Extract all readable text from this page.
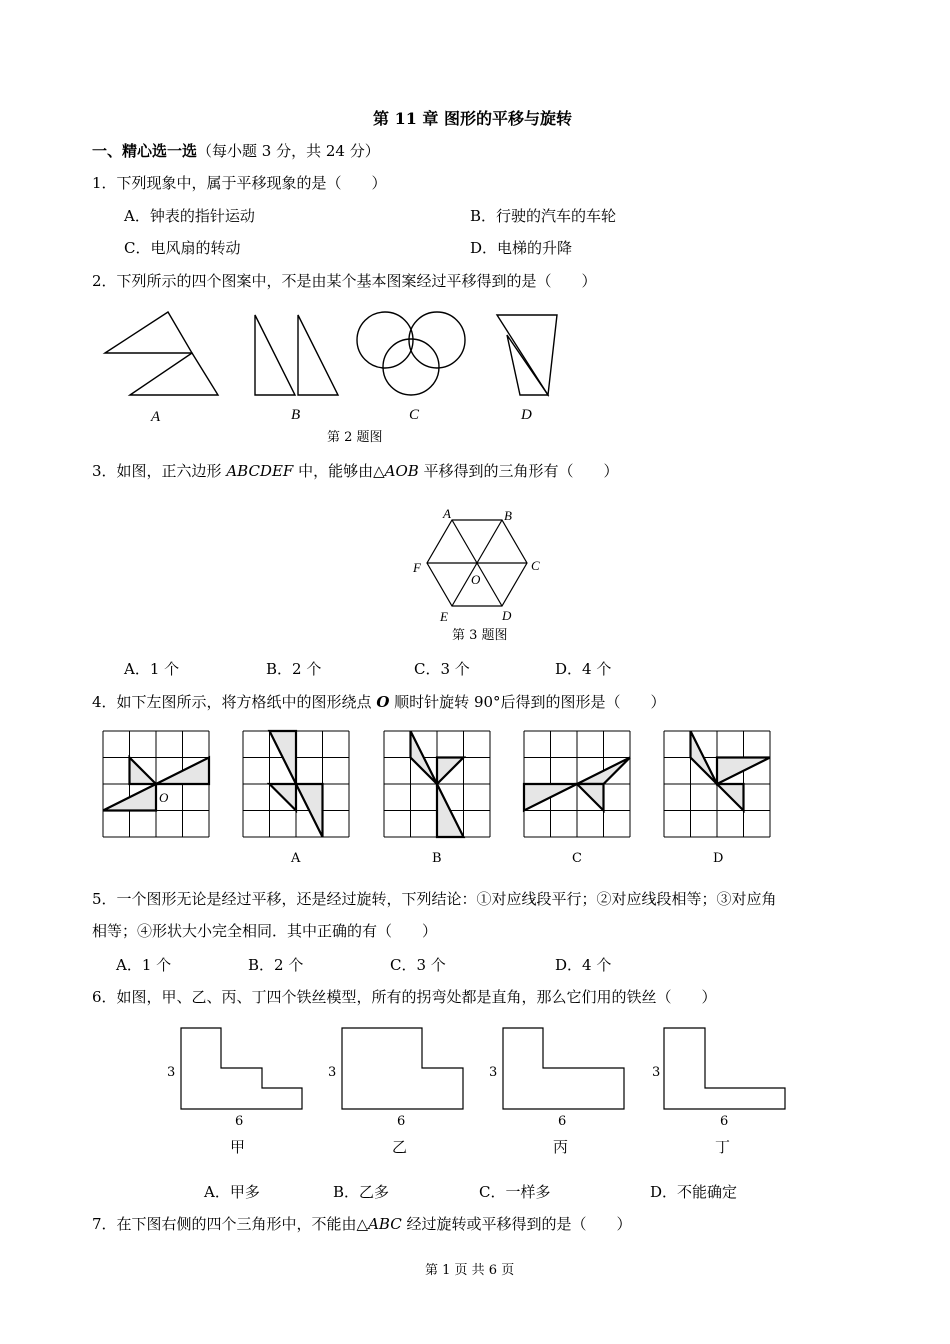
第 11 章 图形的平移与旋转
一、精心选一选（每小题 3 分，共 24 分）
1．下列现象中，属于平移现象的是（　　）
A．钟表的指针运动	B．行驶的汽车的车轮
C．电风扇的转动	D．电梯的升降
2．下列所示的四个图案中，不是由某个基本图案经过平移得到的是（　　）
A	B	C	D
第 2 题图
3．如图，正六边形 ABCDEF 中，能够由△AOB 平移得到的三角形有（　　）
A	B
C
D
E
F
O
第 3 题图
A．1 个	B．2 个	C．3 个	D．4 个
4．如下左图所示，将方格纸中的图形绕点 O 顺时针旋转 90°后得到的图形是（　　）
O
A	B	C	D
5．一个图形无论是经过平移，还是经过旋转，下列结论：①对应线段平行；②对应线段相等；③对应角
相等；④形状大小完全相同．其中正确的有（　　）
A．1 个	B．2 个	C．3 个	D．4 个
6．如图，甲、乙、丙、丁四个铁丝模型，所有的拐弯处都是直角，那么它们用的铁丝（　　）
3	3	3	3
6	6	6	6
甲	乙	丙	丁
A．甲多	B．乙多	C．一样多	D．不能确定
7．在下图右侧的四个三角形中，不能由△ABC 经过旋转或平移得到的是（　　）
第 1 页 共 6 页
